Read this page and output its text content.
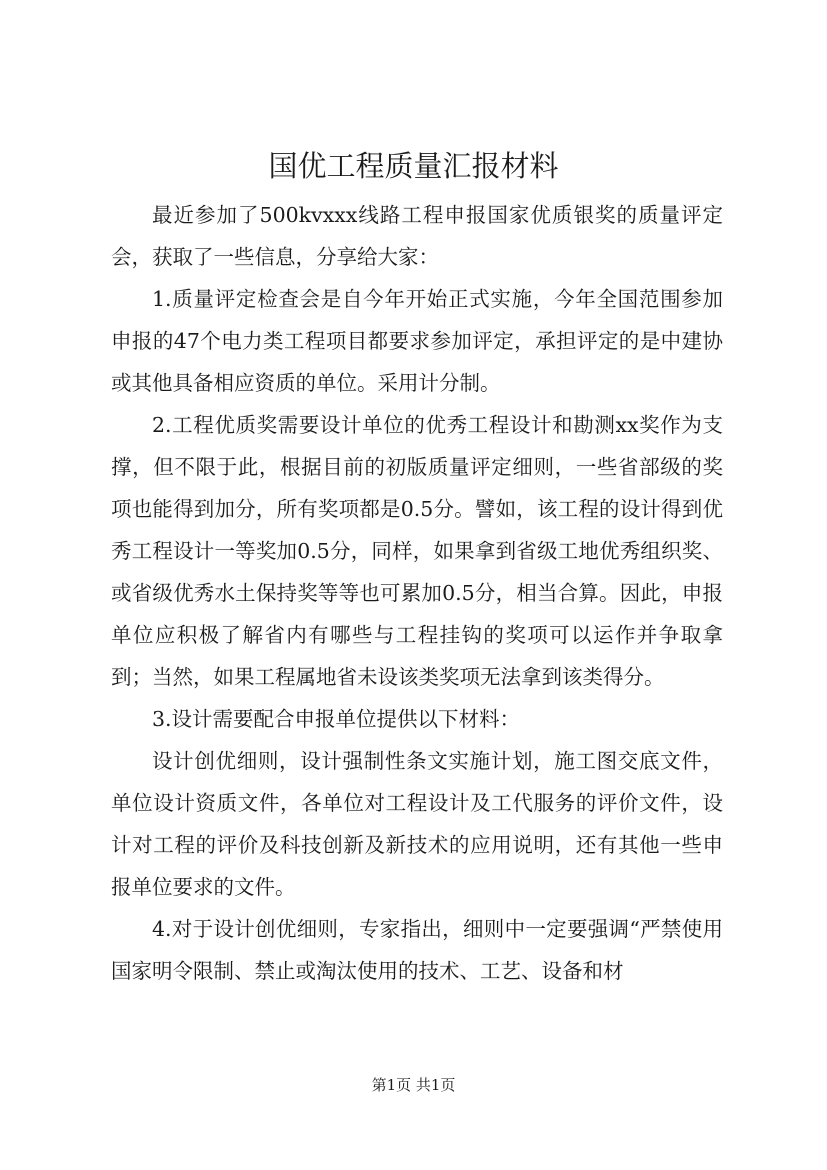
国优工程质量汇报材料

最近参加了500kvxxx线路工程申报国家优质银奖的质量评定会，获取了一些信息，分享给大家：

1.质量评定检查会是自今年开始正式实施，今年全国范围参加申报的47个电力类工程项目都要求参加评定，承担评定的是中建协或其他具备相应资质的单位。采用计分制。

2.工程优质奖需要设计单位的优秀工程设计和勘测xx奖作为支撑，但不限于此，根据目前的初版质量评定细则，一些省部级的奖项也能得到加分，所有奖项都是0.5分。譬如，该工程的设计得到优秀工程设计一等奖加0.5分，同样，如果拿到省级工地优秀组织奖、或省级优秀水土保持奖等等也可累加0.5分，相当合算。因此，申报单位应积极了解省内有哪些与工程挂钩的奖项可以运作并争取拿到；当然，如果工程属地省未设该类奖项无法拿到该类得分。

3.设计需要配合申报单位提供以下材料：

设计创优细则，设计强制性条文实施计划，施工图交底文件，单位设计资质文件，各单位对工程设计及工代服务的评价文件，设计对工程的评价及科技创新及新技术的应用说明，还有其他一些申报单位要求的文件。

4.对于设计创优细则，专家指出，细则中一定要强调“严禁使用国家明令限制、禁止或淘汰使用的技术、工艺、设备和材

第1页 共1页
